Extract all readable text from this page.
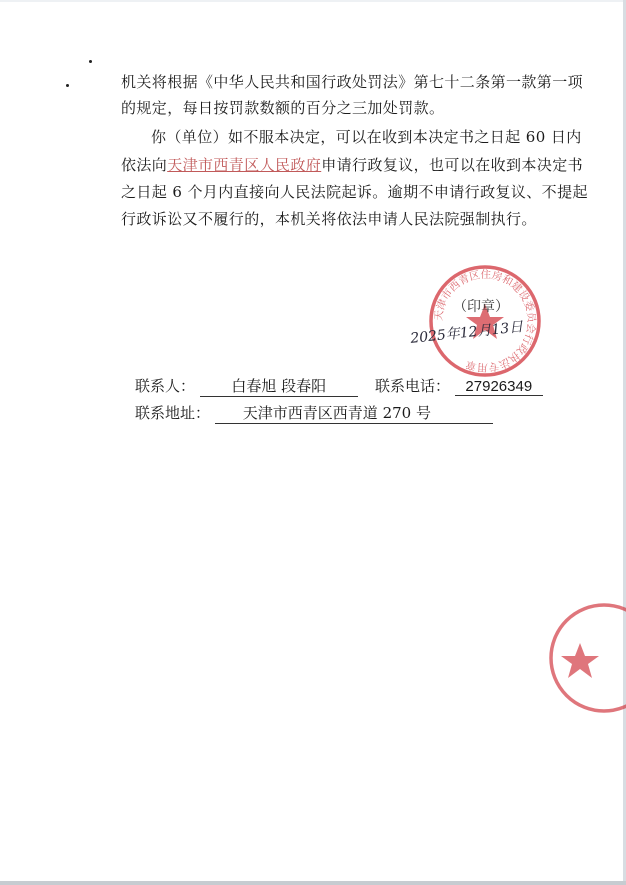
机关将根据《中华人民共和国行政处罚法》第七十二条第一款第一项
的规定，每日按罚款数额的百分之三加处罚款。
你（单位）如不服本决定，可以在收到本决定书之日起 60 日内
依法向天津市西青区人民政府申请行政复议，也可以在收到本决定书
之日起 6 个月内直接向人民法院起诉。逾期不申请行政复议、不提起
行政诉讼又不履行的，本机关将依法申请人民法院强制执行。
天津市西青区住房和建设委员会行政执法专用章
（印章）
2025年12月13日
联系人： 白春旭 段春阳	联系电话： 27926349
联系地址： 天津市西青区西青道 270 号
